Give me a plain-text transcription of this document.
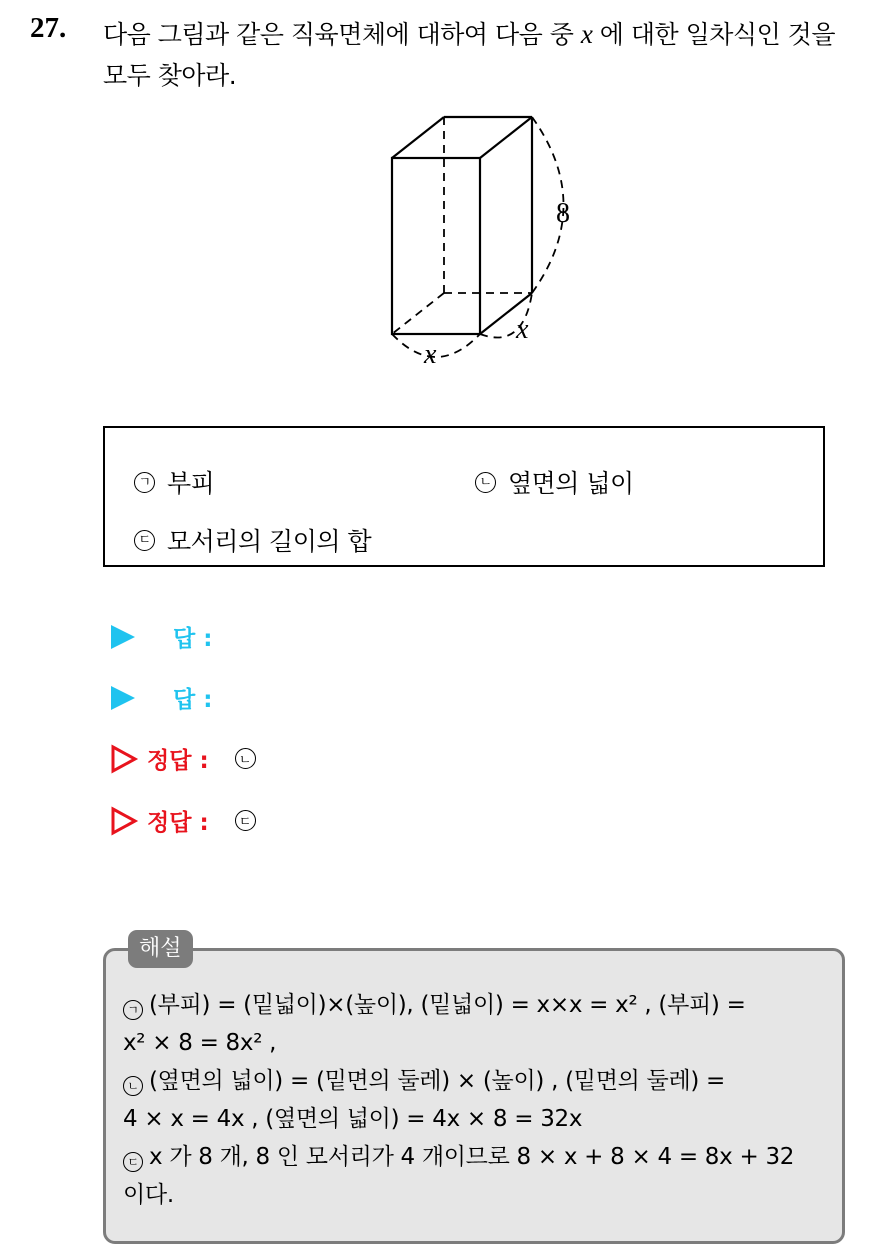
27. 다음 그림과 같은 직육면체에 대하여 다음 중 x 에 대한 일차식인 것을
모두 찾아라.
8
x
x
ㄱ 부피	ㄴ 옆면의 넓이
ㄷ 모서리의 길이의 합
답 :
답 :
정답 :	ㄴ
정답 :	ㄷ
해설
ㄱ (부피) = (밑넓이)×(높이), (밑넓이) = x×x = x² , (부피) =
x² × 8 = 8x² ,
ㄴ (옆면의 넓이) = (밑면의 둘레) × (높이) , (밑면의 둘레) =
4 × x = 4x , (옆면의 넓이) = 4x × 8 = 32x
ㄷ x 가 8 개, 8 인 모서리가 4 개이므로 8 × x + 8 × 4 = 8x + 32
이다.
